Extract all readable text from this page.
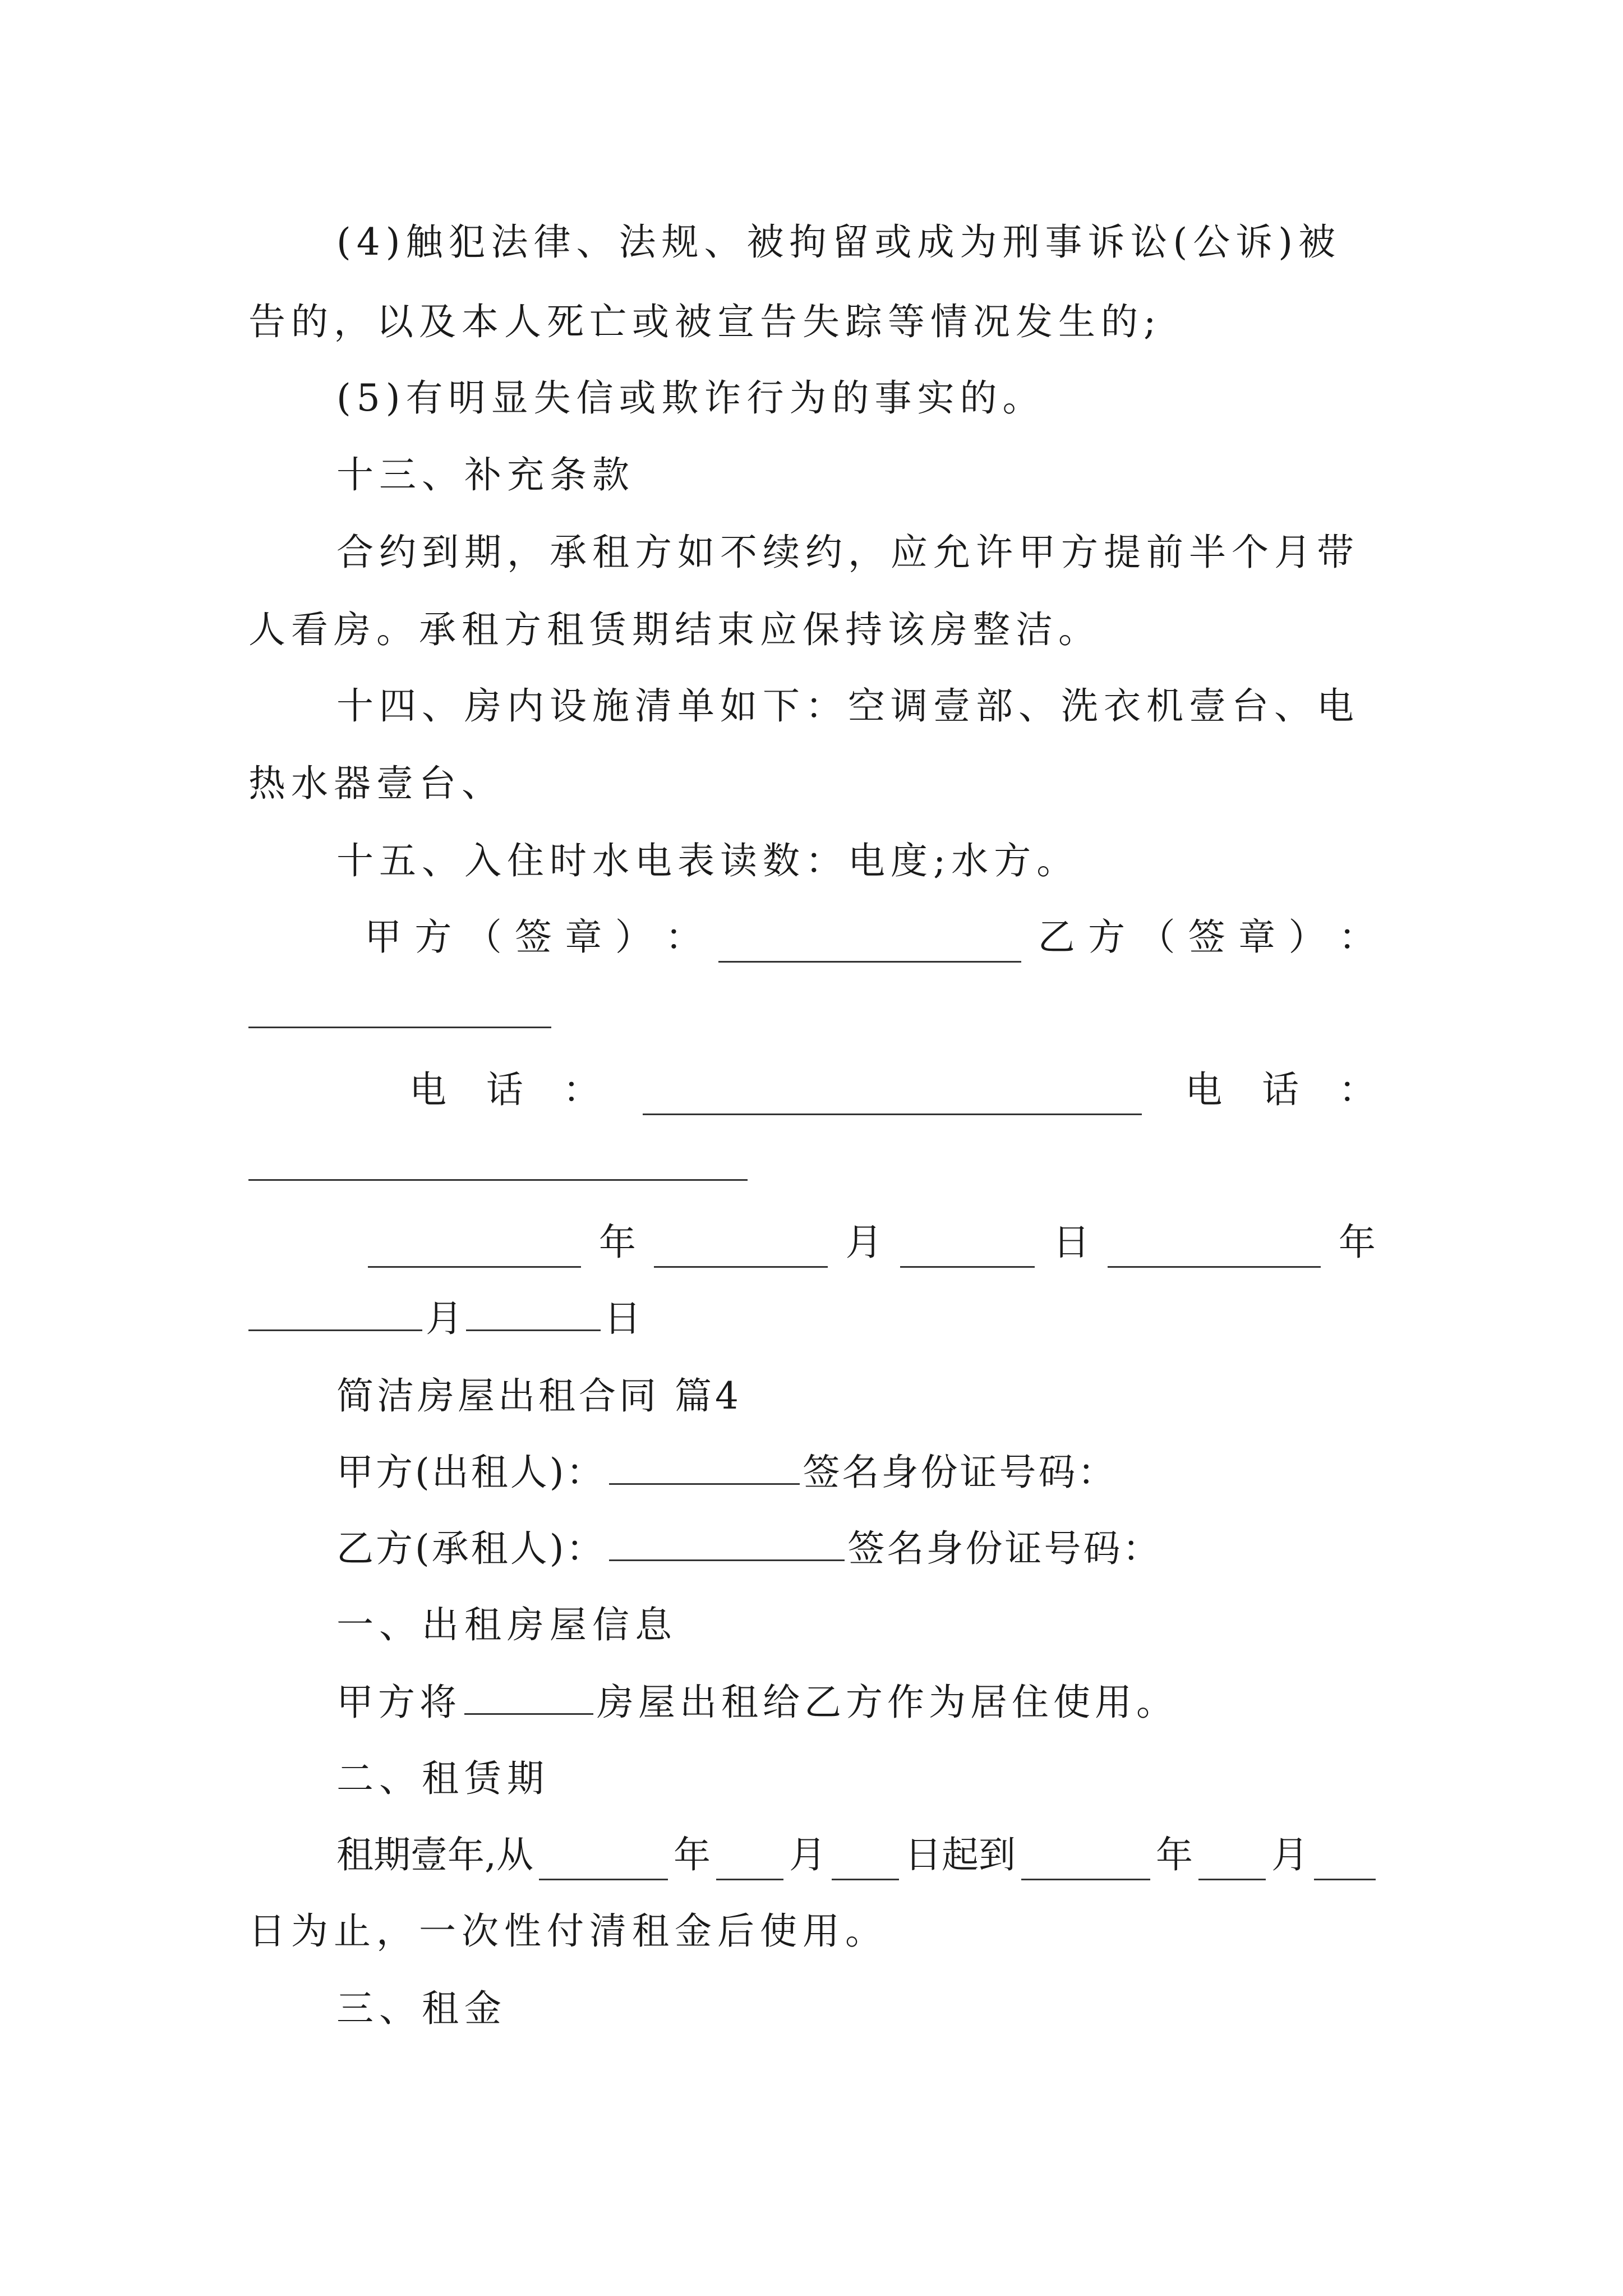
(4)触犯法律、法规、被拘留或成为刑事诉讼(公诉)被
告的，以及本人死亡或被宣告失踪等情况发生的;
(5)有明显失信或欺诈行为的事实的。
十三、补充条款
合约到期，承租方如不续约，应允许甲方提前半个月带
人看房。承租方租赁期结束应保持该房整洁。
十四、房内设施清单如下：空调壹部、洗衣机壹台、电
热水器壹台、
十五、入住时水电表读数：电度;水方。
甲 方 （ 签 章 ） ：	乙 方 （ 签 章 ） ：
电 话 ：	电 话 ：
年	月	日	年
月	日
简洁房屋出租合同 篇4
甲方(出租人)：	签名身份证号码：
乙方(承租人)：	签名身份证号码：
一、出租房屋信息
甲方将	房屋出租给乙方作为居住使用。
二、租赁期
租期壹年,从	年 月 日起到	年 月
日为止，一次性付清租金后使用。
三、租金
